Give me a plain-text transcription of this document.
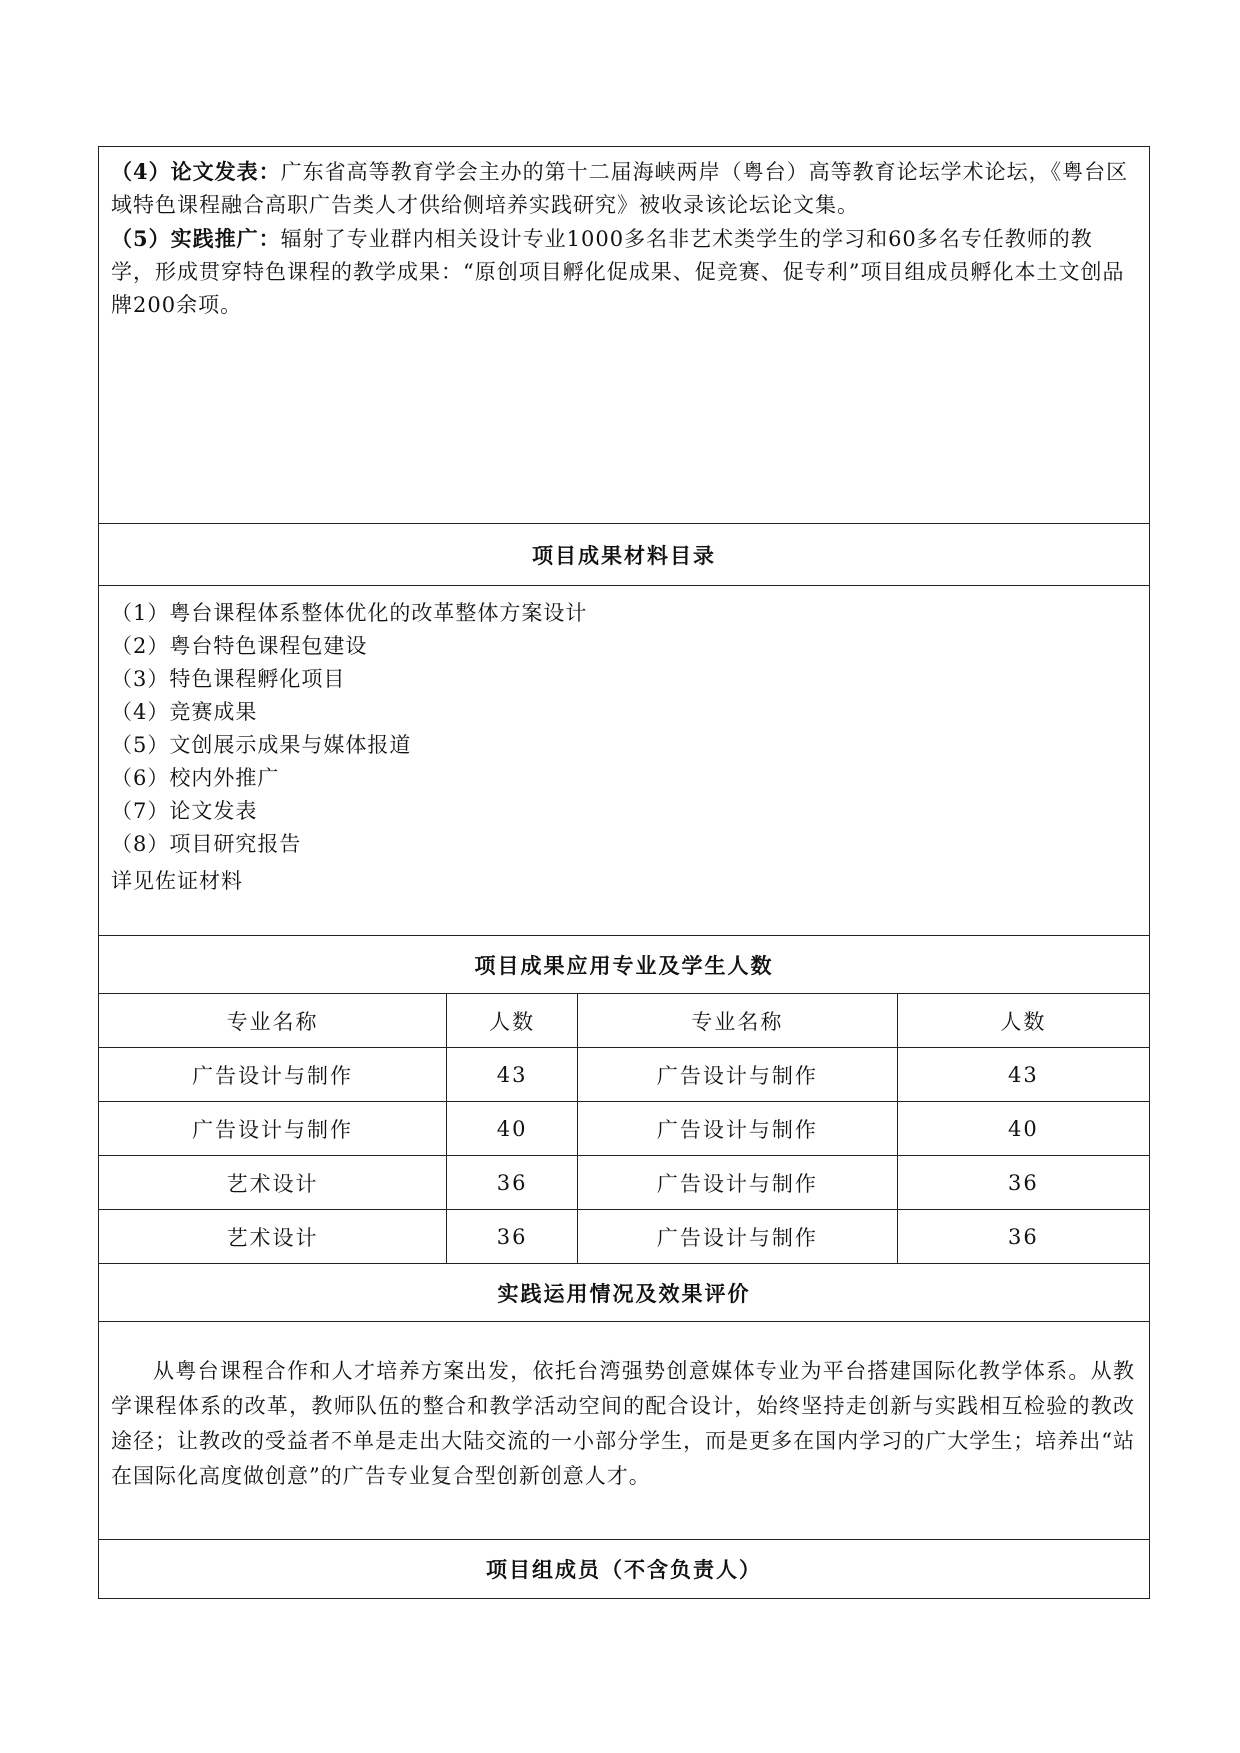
（4）论文发表：广东省高等教育学会主办的第十二届海峡两岸（粤台）高等教育论坛学术论坛，《粤台区域特色课程融合高职广告类人才供给侧培养实践研究》被收录该论坛论文集。
（5）实践推广：辐射了专业群内相关设计专业1000多名非艺术类学生的学习和60多名专任教师的教学，形成贯穿特色课程的教学成果：“原创项目孵化促成果、促竞赛、促专利”项目组成员孵化本土文创品牌200余项。
项目成果材料目录
（1）粤台课程体系整体优化的改革整体方案设计
（2）粤台特色课程包建设
（3）特色课程孵化项目
（4）竞赛成果
（5）文创展示成果与媒体报道
（6）校内外推广
（7）论文发表
（8）项目研究报告
详见佐证材料
项目成果应用专业及学生人数
专业名称	人数	专业名称	人数
广告设计与制作	43	广告设计与制作	43
广告设计与制作	40	广告设计与制作	40
艺术设计	36	广告设计与制作	36
艺术设计	36	广告设计与制作	36
实践运用情况及效果评价
从粤台课程合作和人才培养方案出发，依托台湾强势创意媒体专业为平台搭建国际化教学体系。从教学课程体系的改革，教师队伍的整合和教学活动空间的配合设计，始终坚持走创新与实践相互检验的教改途径；让教改的受益者不单是走出大陆交流的一小部分学生，而是更多在国内学习的广大学生；培养出“站在国际化高度做创意”的广告专业复合型创新创意人才。
项目组成员（不含负责人）
